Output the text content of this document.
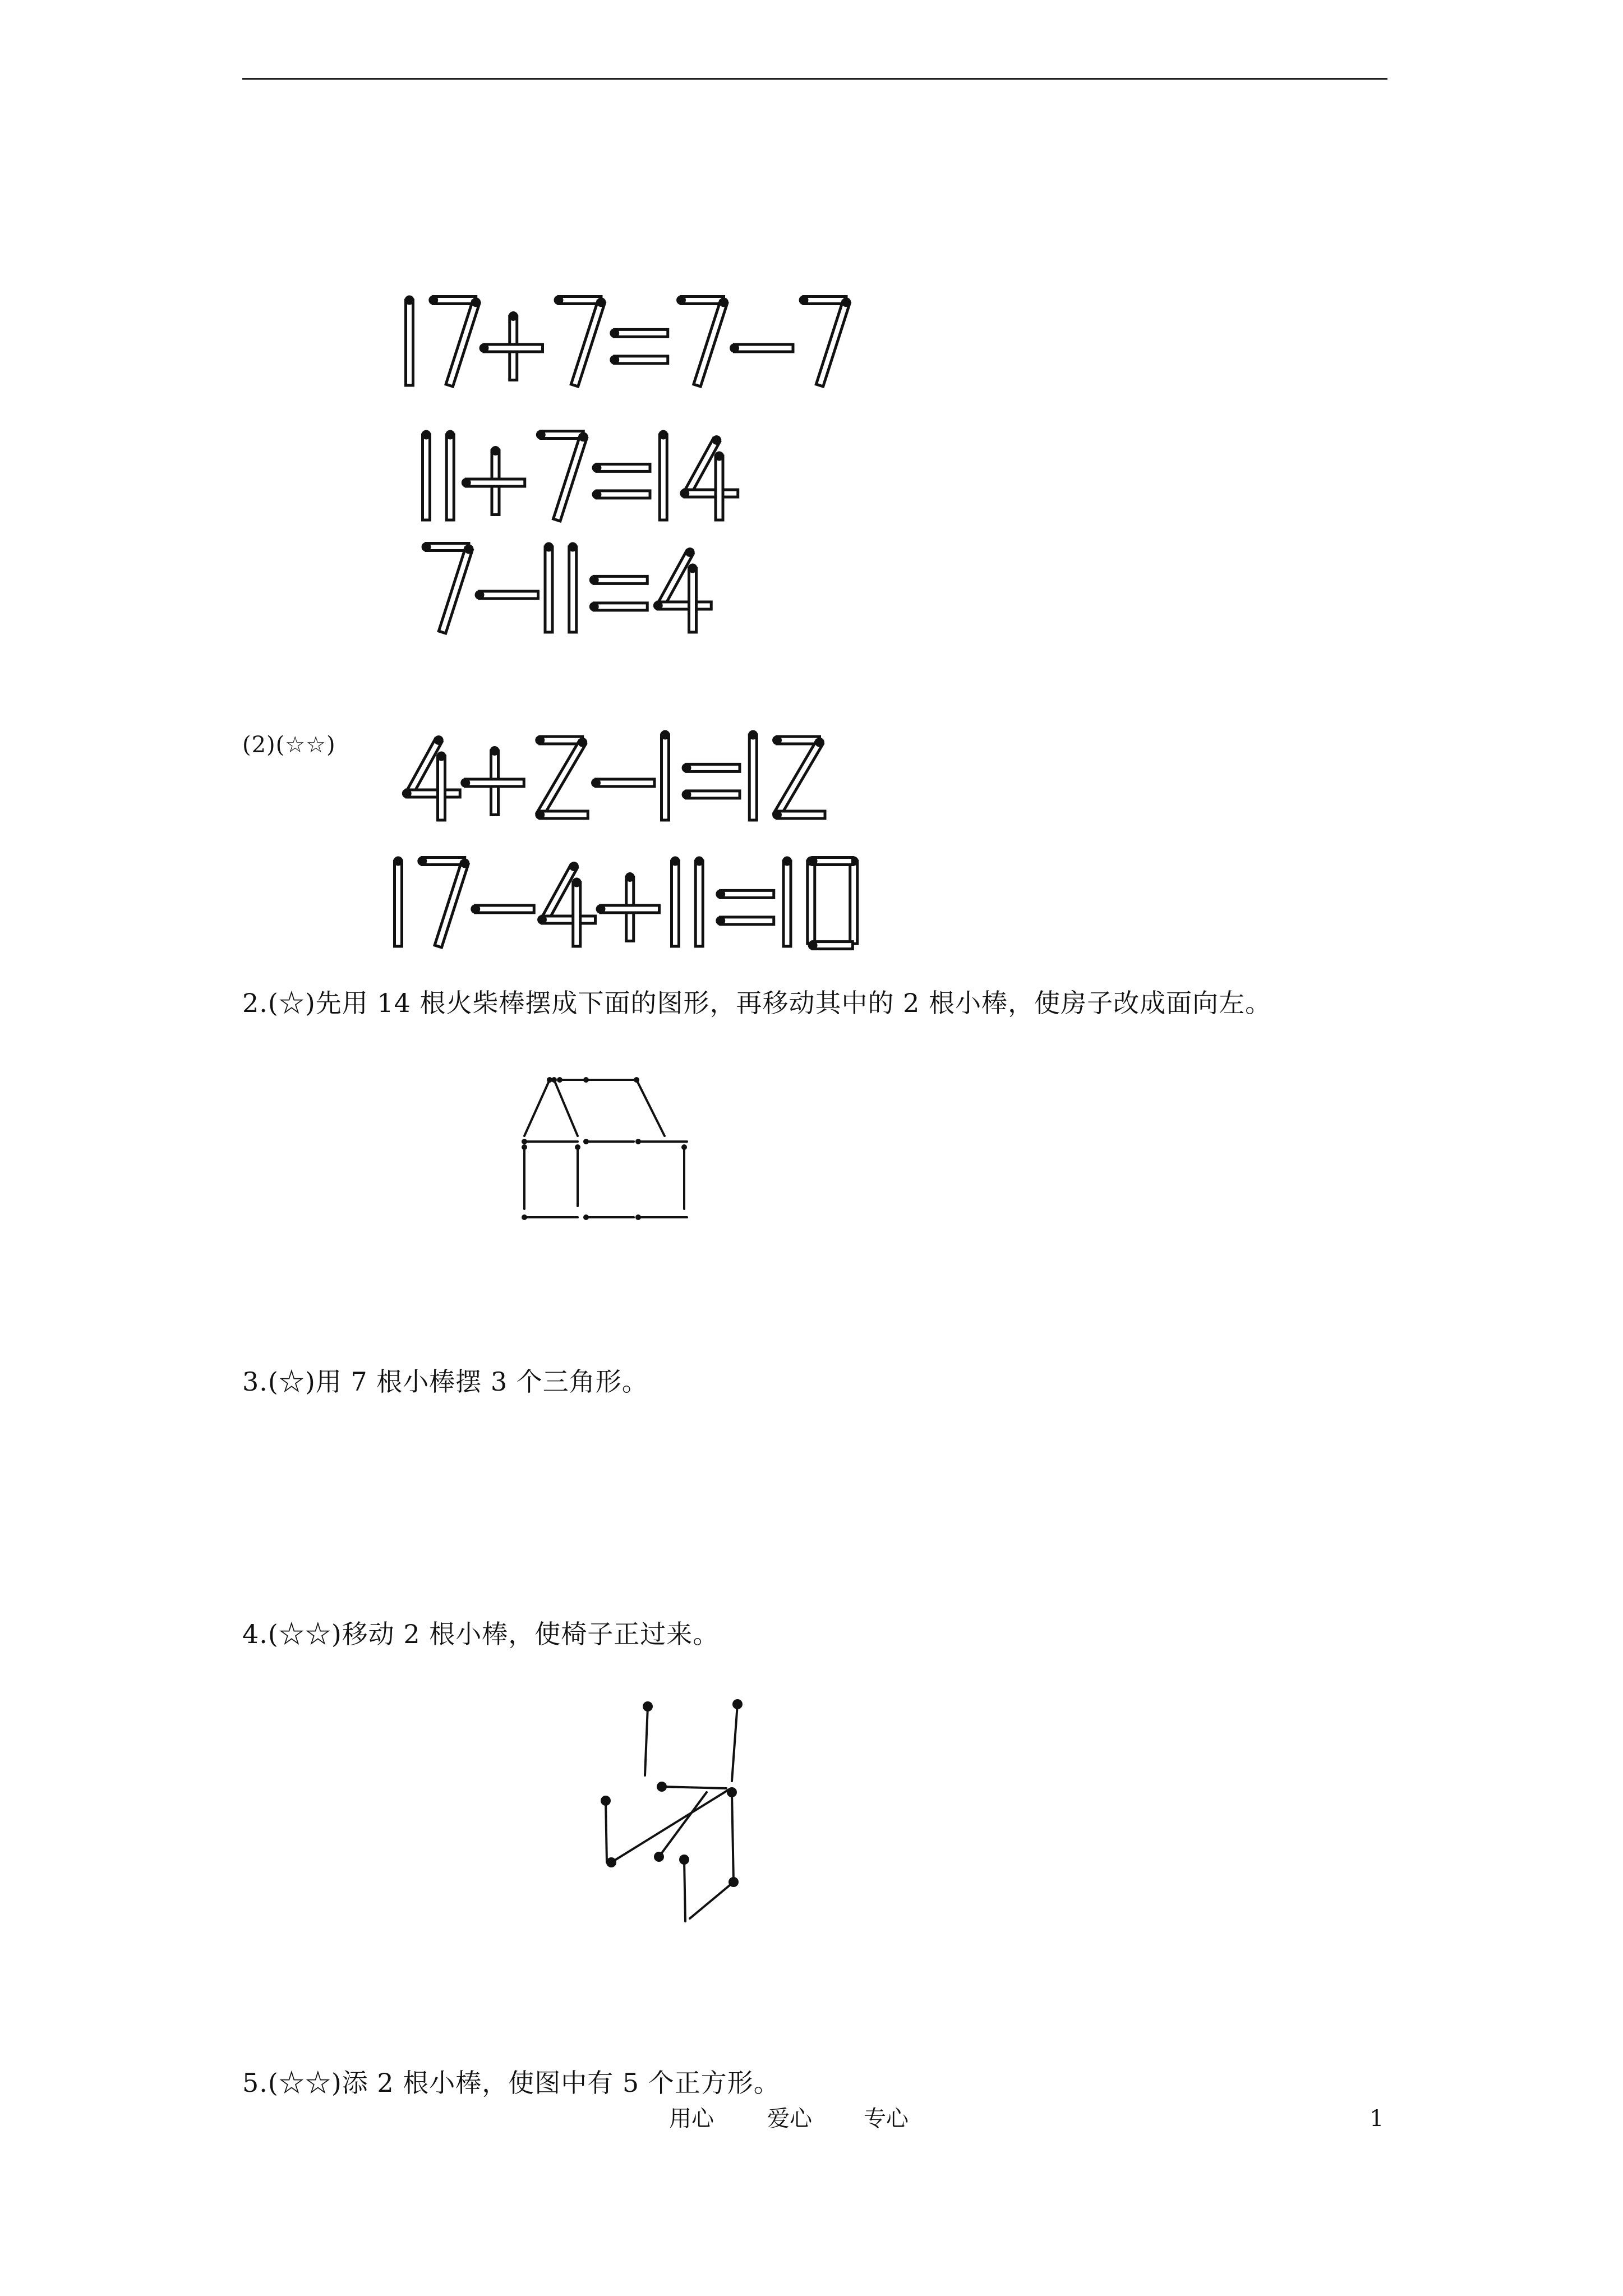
(2)(☆☆)
2.(☆)先用 14 根火柴棒摆成下面的图形，再移动其中的 2 根小棒，使房子改成面向左。
3.(☆)用 7 根小棒摆 3 个三角形。
4.(☆☆)移动 2 根小棒，使椅子正过来。
5.(☆☆)添 2 根小棒，使图中有 5 个正方形。
用心 爱心 专心	1
